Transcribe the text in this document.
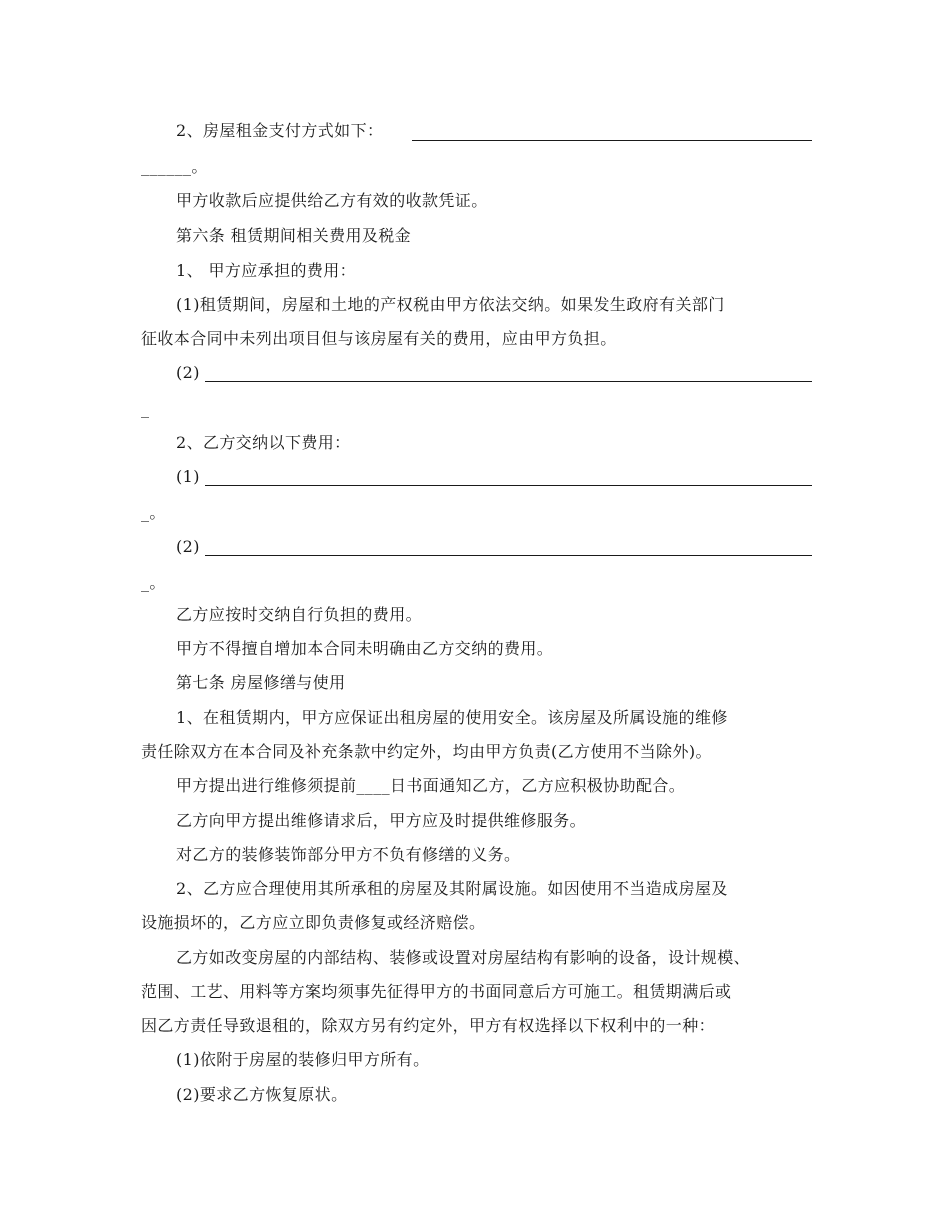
2、房屋租金支付方式如下：
______。
甲方收款后应提供给乙方有效的收款凭证。
第六条 租赁期间相关费用及税金
1、 甲方应承担的费用：
(1)租赁期间，房屋和土地的产权税由甲方依法交纳。如果发生政府有关部门
征收本合同中未列出项目但与该房屋有关的费用，应由甲方负担。
(2)
_
2、乙方交纳以下费用：
(1)
_。
(2)
_。
乙方应按时交纳自行负担的费用。
甲方不得擅自增加本合同未明确由乙方交纳的费用。
第七条 房屋修缮与使用
1、在租赁期内，甲方应保证出租房屋的使用安全。该房屋及所属设施的维修
责任除双方在本合同及补充条款中约定外，均由甲方负责(乙方使用不当除外)。
甲方提出进行维修须提前____日书面通知乙方，乙方应积极协助配合。
乙方向甲方提出维修请求后，甲方应及时提供维修服务。
对乙方的装修装饰部分甲方不负有修缮的义务。
2、乙方应合理使用其所承租的房屋及其附属设施。如因使用不当造成房屋及
设施损坏的，乙方应立即负责修复或经济赔偿。
乙方如改变房屋的内部结构、装修或设置对房屋结构有影响的设备，设计规模、
范围、工艺、用料等方案均须事先征得甲方的书面同意后方可施工。租赁期满后或
因乙方责任导致退租的，除双方另有约定外，甲方有权选择以下权利中的一种：
(1)依附于房屋的装修归甲方所有。
(2)要求乙方恢复原状。
